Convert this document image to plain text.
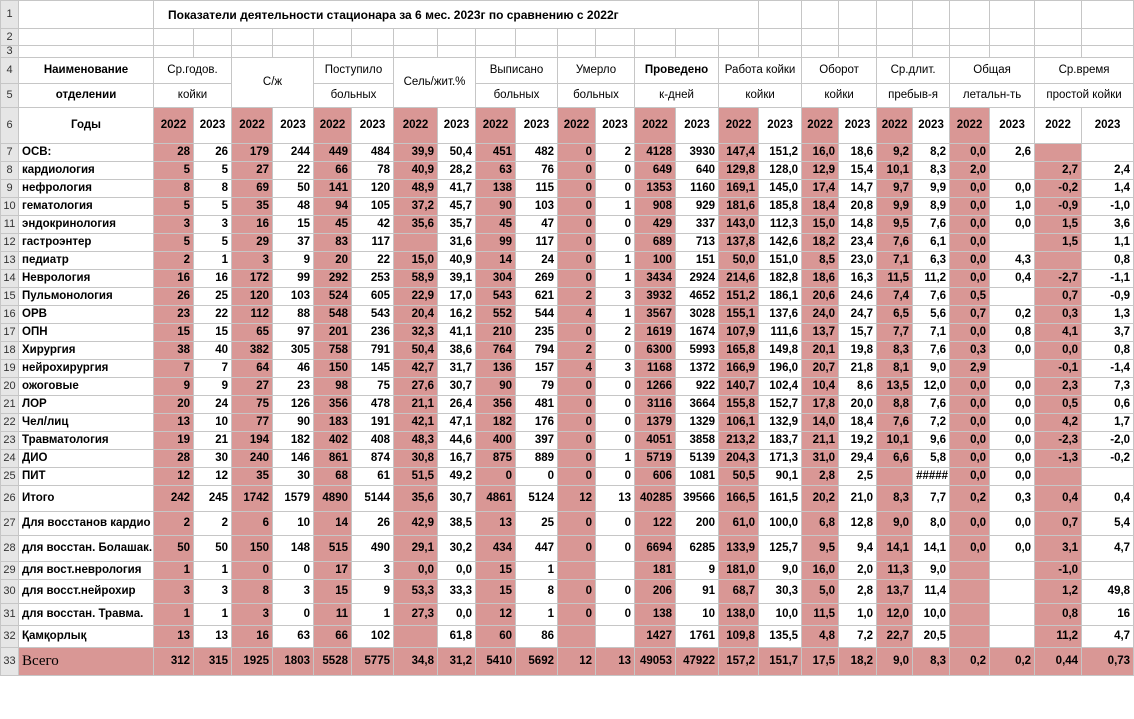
1		Показатели деятельности стационара за 6 мес. 2023г по сравнению с 2022г																							
2																									
3																									
4	Наименование	Ср.годов.		С/ж		Поступило		Сель/жит.%		Выписано		Умерло		Проведено		Работа койки		Оборот		Ср.длит.		Общая		Ср.время	
5	отделении	койки				больных				больных		больных		к-дней		койки		койки		пребыв-я		летальн-ть		простой койки	
6	Годы	2022	2023	2022	2023	2022	2023	2022	2023	2022	2023	2022	2023	2022	2023	2022	2023	2022	2023	2022	2023	2022	2023	2022	2023
7	ОСВ:	28	26	179	244	449	484	39,9	50,4	451	482	0	2	4128	3930	147,4	151,2	16,0	18,6	9,2	8,2	0,0	2,6		
8	кардиология	5	5	27	22	66	78	40,9	28,2	63	76	0	0	649	640	129,8	128,0	12,9	15,4	10,1	8,3	2,0		2,7	2,4
9	нефрология	8	8	69	50	141	120	48,9	41,7	138	115	0	0	1353	1160	169,1	145,0	17,4	14,7	9,7	9,9	0,0	0,0	-0,2	1,4
10	гематология	5	5	35	48	94	105	37,2	45,7	90	103	0	1	908	929	181,6	185,8	18,4	20,8	9,9	8,9	0,0	1,0	-0,9	-1,0
11	эндокринология	3	3	16	15	45	42	35,6	35,7	45	47	0	0	429	337	143,0	112,3	15,0	14,8	9,5	7,6	0,0	0,0	1,5	3,6
12	гастроэнтер	5	5	29	37	83	117		31,6	99	117	0	0	689	713	137,8	142,6	18,2	23,4	7,6	6,1	0,0		1,5	1,1
13	педиатр	2	1	3	9	20	22	15,0	40,9	14	24	0	1	100	151	50,0	151,0	8,5	23,0	7,1	6,3	0,0	4,3		0,8
14	Неврология	16	16	172	99	292	253	58,9	39,1	304	269	0	1	3434	2924	214,6	182,8	18,6	16,3	11,5	11,2	0,0	0,4	-2,7	-1,1
15	Пульмонология	26	25	120	103	524	605	22,9	17,0	543	621	2	3	3932	4652	151,2	186,1	20,6	24,6	7,4	7,6	0,5		0,7	-0,9
16	ОРВ	23	22	112	88	548	543	20,4	16,2	552	544	4	1	3567	3028	155,1	137,6	24,0	24,7	6,5	5,6	0,7	0,2	0,3	1,3
17	ОПН	15	15	65	97	201	236	32,3	41,1	210	235	0	2	1619	1674	107,9	111,6	13,7	15,7	7,7	7,1	0,0	0,8	4,1	3,7
18	Хирургия	38	40	382	305	758	791	50,4	38,6	764	794	2	0	6300	5993	165,8	149,8	20,1	19,8	8,3	7,6	0,3	0,0	0,0	0,8
19	нейрохирургия	7	7	64	46	150	145	42,7	31,7	136	157	4	3	1168	1372	166,9	196,0	20,7	21,8	8,1	9,0	2,9		-0,1	-1,4
20	ожоговые	9	9	27	23	98	75	27,6	30,7	90	79	0	0	1266	922	140,7	102,4	10,4	8,6	13,5	12,0	0,0	0,0	2,3	7,3
21	ЛОР	20	24	75	126	356	478	21,1	26,4	356	481	0	0	3116	3664	155,8	152,7	17,8	20,0	8,8	7,6	0,0	0,0	0,5	0,6
22	Чел/лиц	13	10	77	90	183	191	42,1	47,1	182	176	0	0	1379	1329	106,1	132,9	14,0	18,4	7,6	7,2	0,0	0,0	4,2	1,7
23	Травматология	19	21	194	182	402	408	48,3	44,6	400	397	0	0	4051	3858	213,2	183,7	21,1	19,2	10,1	9,6	0,0	0,0	-2,3	-2,0
24	ДИО	28	30	240	146	861	874	30,8	16,7	875	889	0	1	5719	5139	204,3	171,3	31,0	29,4	6,6	5,8	0,0	0,0	-1,3	-0,2
25	ПИТ	12	12	35	30	68	61	51,5	49,2	0	0	0	0	606	1081	50,5	90,1	2,8	2,5		#####	0,0	0,0		
26	Итого	242	245	1742	1579	4890	5144	35,6	30,7	4861	5124	12	13	40285	39566	166,5	161,5	20,2	21,0	8,3	7,7	0,2	0,3	0,4	0,4
27	Для восстанов кардио	2	2	6	10	14	26	42,9	38,5	13	25	0	0	122	200	61,0	100,0	6,8	12,8	9,0	8,0	0,0	0,0	0,7	5,4
28	для восстан. Болашак.	50	50	150	148	515	490	29,1	30,2	434	447	0	0	6694	6285	133,9	125,7	9,5	9,4	14,1	14,1	0,0	0,0	3,1	4,7
29	для вост.неврология	1	1	0	0	17	3	0,0	0,0	15	1			181	9	181,0	9,0	16,0	2,0	11,3	9,0			-1,0	
30	для восст.нейрохир	3	3	8	3	15	9	53,3	33,3	15	8	0	0	206	91	68,7	30,3	5,0	2,8	13,7	11,4			1,2	49,8
31	для восстан. Травма.	1	1	3	0	11	1	27,3	0,0	12	1	0	0	138	10	138,0	10,0	11,5	1,0	12,0	10,0			0,8	16
32	Қамқорлық	13	13	16	63	66	102		61,8	60	86			1427	1761	109,8	135,5	4,8	7,2	22,7	20,5			11,2	4,7
33	Всего	312	315	1925	1803	5528	5775	34,8	31,2	5410	5692	12	13	49053	47922	157,2	151,7	17,5	18,2	9,0	8,3	0,2	0,2	0,44	0,73
